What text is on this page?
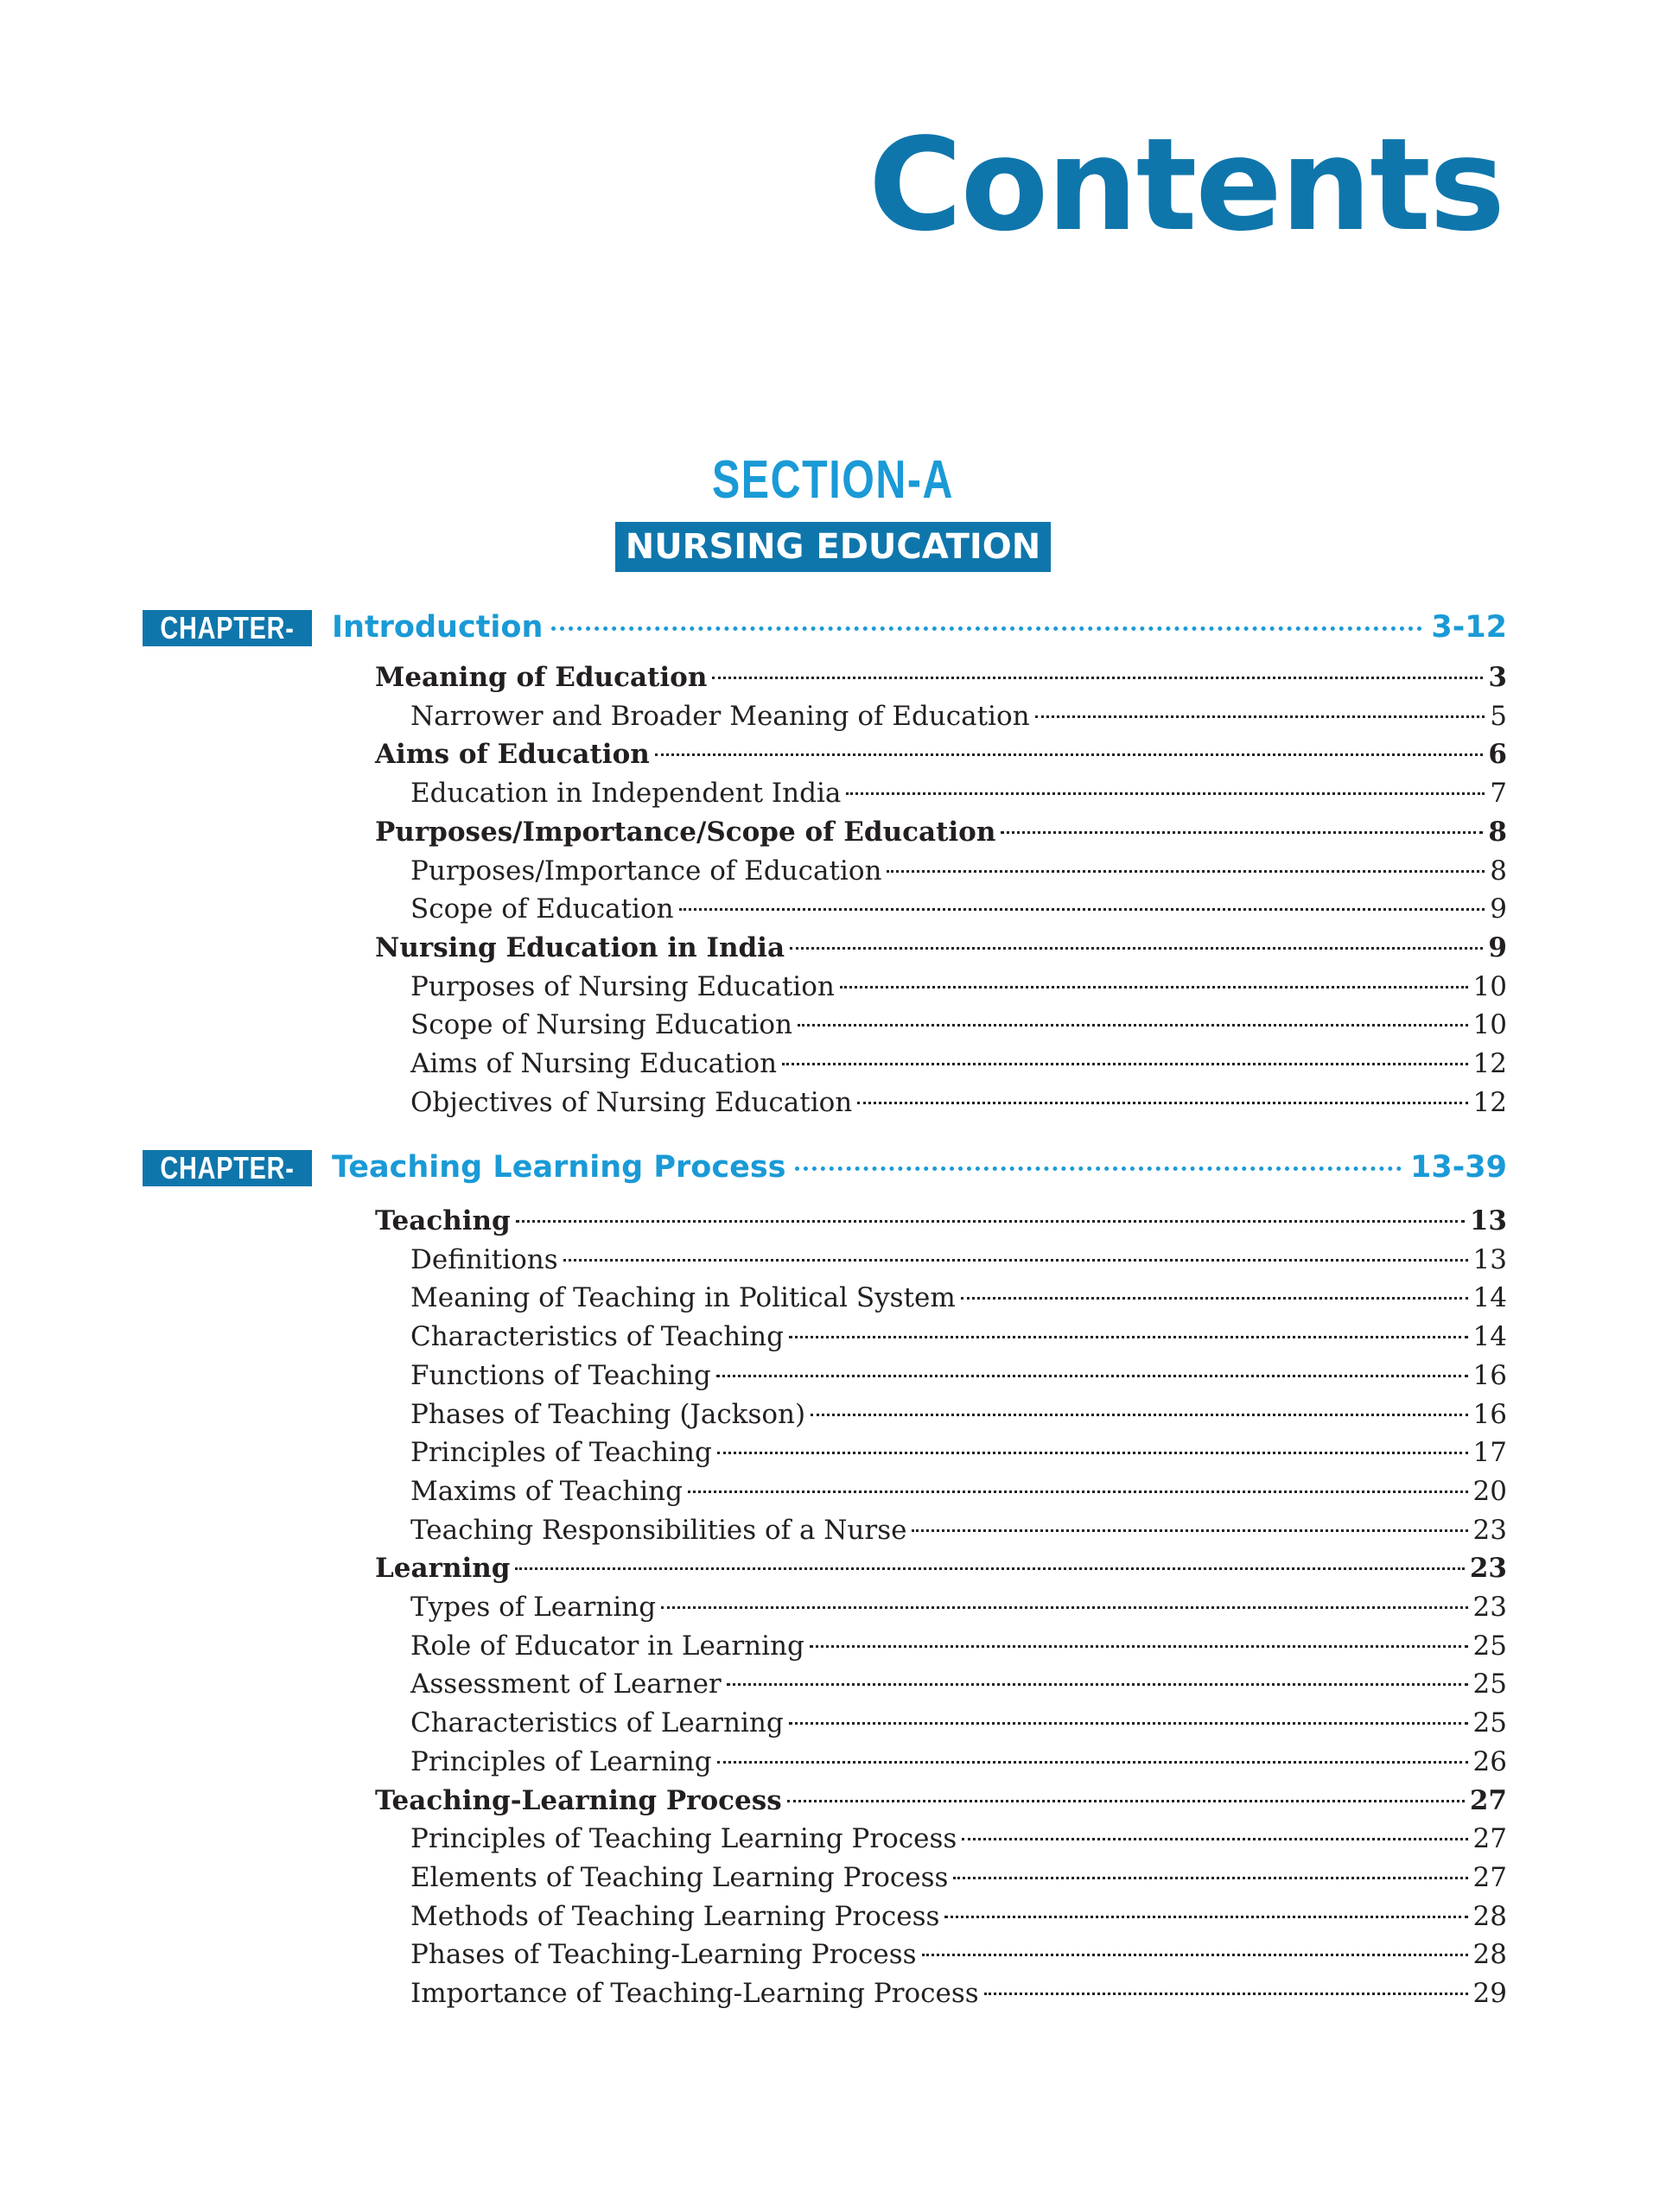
Contents
SECTION-A
NURSING EDUCATION
CHAPTER-1
Introduction	3-12
Meaning of Education	3
Narrower and Broader Meaning of Education	5
Aims of Education	6
Education in Independent India	7
Purposes/Importance/Scope of Education	8
Purposes/Importance of Education	8
Scope of Education	9
Nursing Education in India	9
Purposes of Nursing Education	10
Scope of Nursing Education	10
Aims of Nursing Education	12
Objectives of Nursing Education	12
CHAPTER-2
Teaching Learning Process	13-39
Teaching	13
Definitions	13
Meaning of Teaching in Political System	14
Characteristics of Teaching	14
Functions of Teaching	16
Phases of Teaching (Jackson)	16
Principles of Teaching	17
Maxims of Teaching	20
Teaching Responsibilities of a Nurse	23
Learning	23
Types of Learning	23
Role of Educator in Learning	25
Assessment of Learner	25
Characteristics of Learning	25
Principles of Learning	26
Teaching-Learning Process	27
Principles of Teaching Learning Process	27
Elements of Teaching Learning Process	27
Methods of Teaching Learning Process	28
Phases of Teaching-Learning Process	28
Importance of Teaching-Learning Process	29
